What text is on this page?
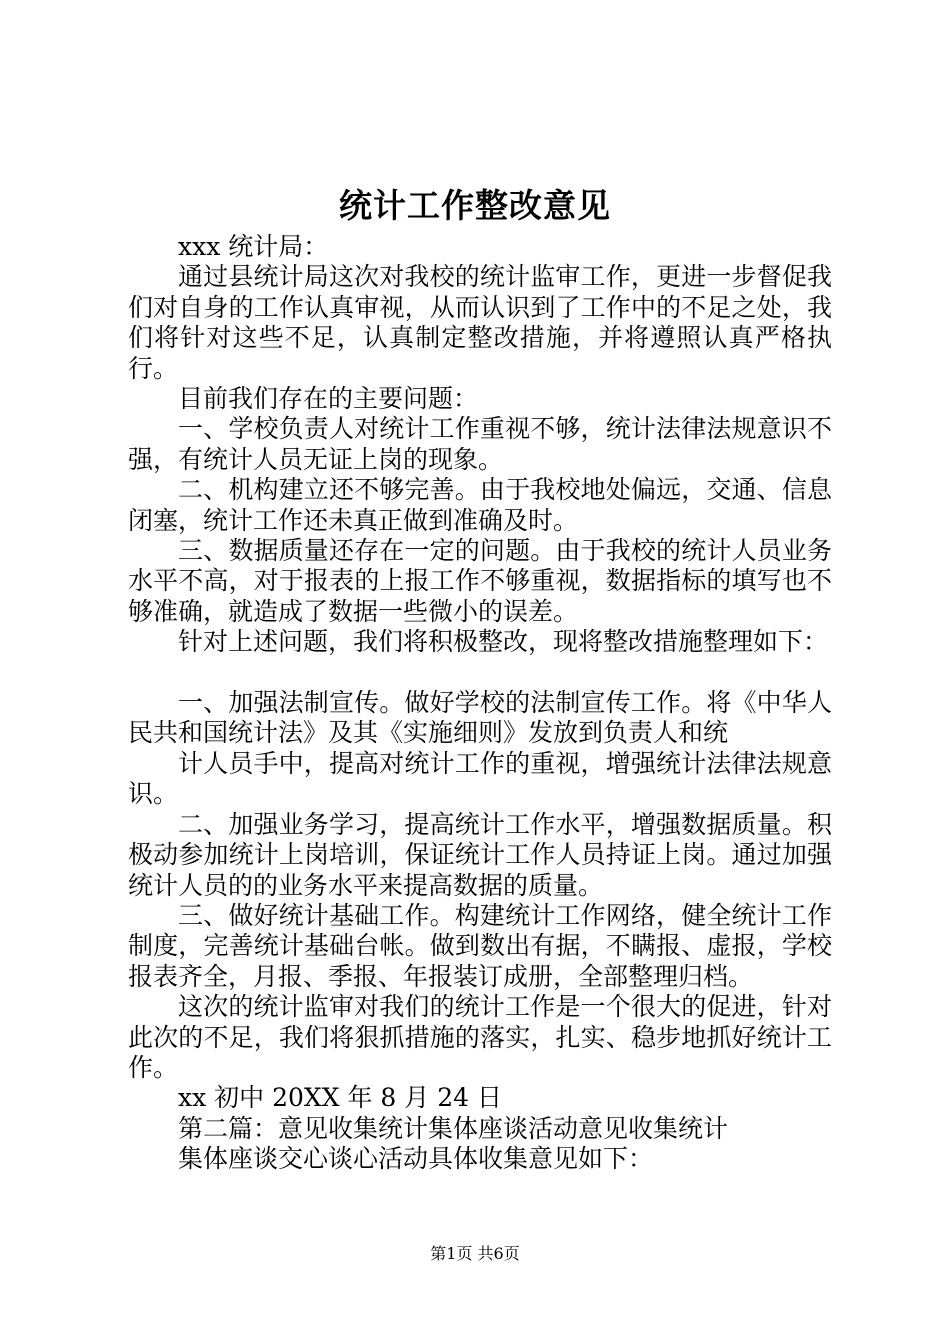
统计工作整改意见

xxx 统计局：

通过县统计局这次对我校的统计监审工作，更进一步督促我们对自身的工作认真审视，从而认识到了工作中的不足之处，我们将针对这些不足，认真制定整改措施，并将遵照认真严格执行。

目前我们存在的主要问题：

一、学校负责人对统计工作重视不够，统计法律法规意识不强，有统计人员无证上岗的现象。

二、机构建立还不够完善。由于我校地处偏远，交通、信息闭塞，统计工作还未真正做到准确及时。

三、数据质量还存在一定的问题。由于我校的统计人员业务水平不高，对于报表的上报工作不够重视，数据指标的填写也不够准确，就造成了数据一些微小的误差。

针对上述问题，我们将积极整改，现将整改措施整理如下：

一、加强法制宣传。做好学校的法制宣传工作。将《中华人民共和国统计法》及其《实施细则》发放到负责人和统

计人员手中，提高对统计工作的重视，增强统计法律法规意识。

二、加强业务学习，提高统计工作水平，增强数据质量。积极动参加统计上岗培训，保证统计工作人员持证上岗。通过加强统计人员的的业务水平来提高数据的质量。

三、做好统计基础工作。构建统计工作网络，健全统计工作制度，完善统计基础台帐。做到数出有据，不瞒报、虚报，学校报表齐全，月报、季报、年报装订成册，全部整理归档。

这次的统计监审对我们的统计工作是一个很大的促进，针对此次的不足，我们将狠抓措施的落实，扎实、稳步地抓好统计工作。

xx 初中 20XX 年 8 月 24 日

第二篇：意见收集统计集体座谈活动意见收集统计

集体座谈交心谈心活动具体收集意见如下：

第1页 共6页
